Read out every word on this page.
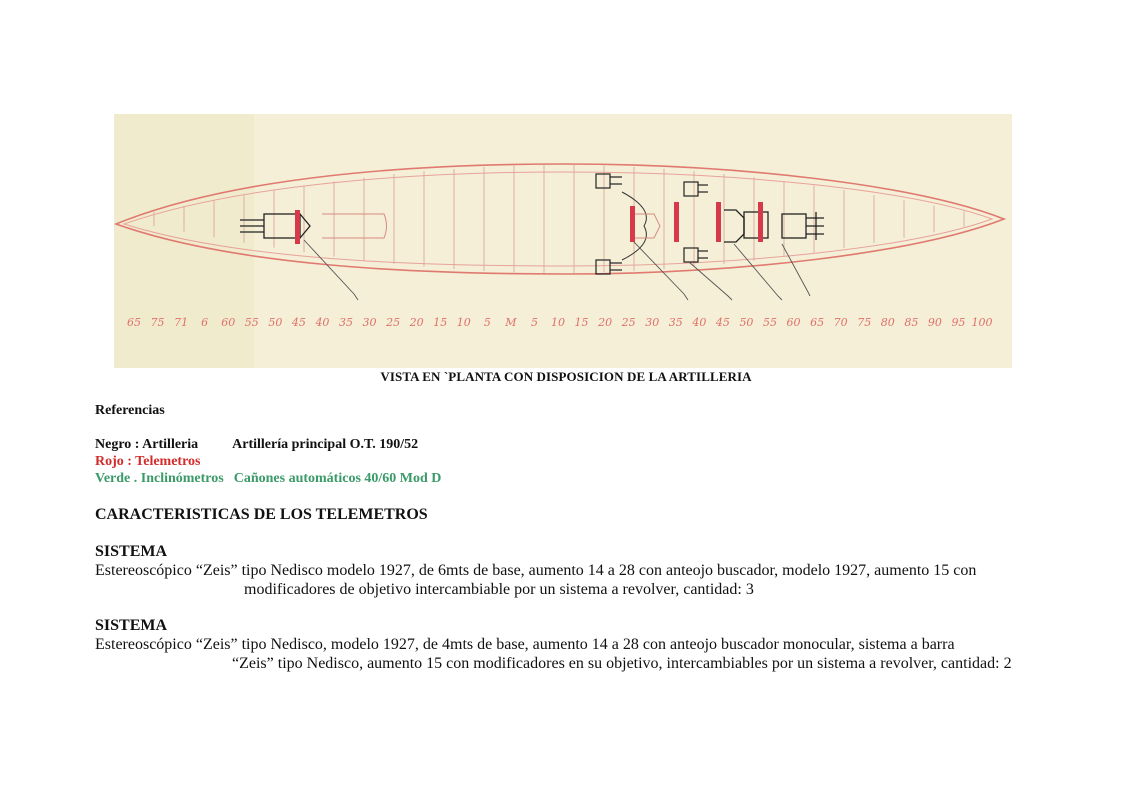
65 75 71 6 60 55 50 45 40 35 30 25 20 15 10 5 M 5 10 15 20 25 30 35 40 45 50 55 60 65 70 75 80 85 90 95 100
VISTA EN `PLANTA CON DISPOSICION DE LA ARTILLERIA
Referencias
Negro : Artilleria Artillería principal O.T. 190/52
Rojo : Telemetros
Verde . Inclinómetros Cañones automáticos 40/60 Mod D
CARACTERISTICAS DE LOS TELEMETROS
SISTEMA
Estereoscópico “Zeis” tipo Nedisco modelo 1927, de 6mts de base, aumento 14 a 28 con anteojo buscador, modelo 1927, aumento 15 con
modificadores de objetivo intercambiable por un sistema a revolver, cantidad: 3
SISTEMA
Estereoscópico “Zeis” tipo Nedisco, modelo 1927, de 4mts de base, aumento 14 a 28 con anteojo buscador monocular, sistema a barra
“Zeis” tipo Nedisco, aumento 15 con modificadores en su objetivo, intercambiables por un sistema a revolver, cantidad: 2
